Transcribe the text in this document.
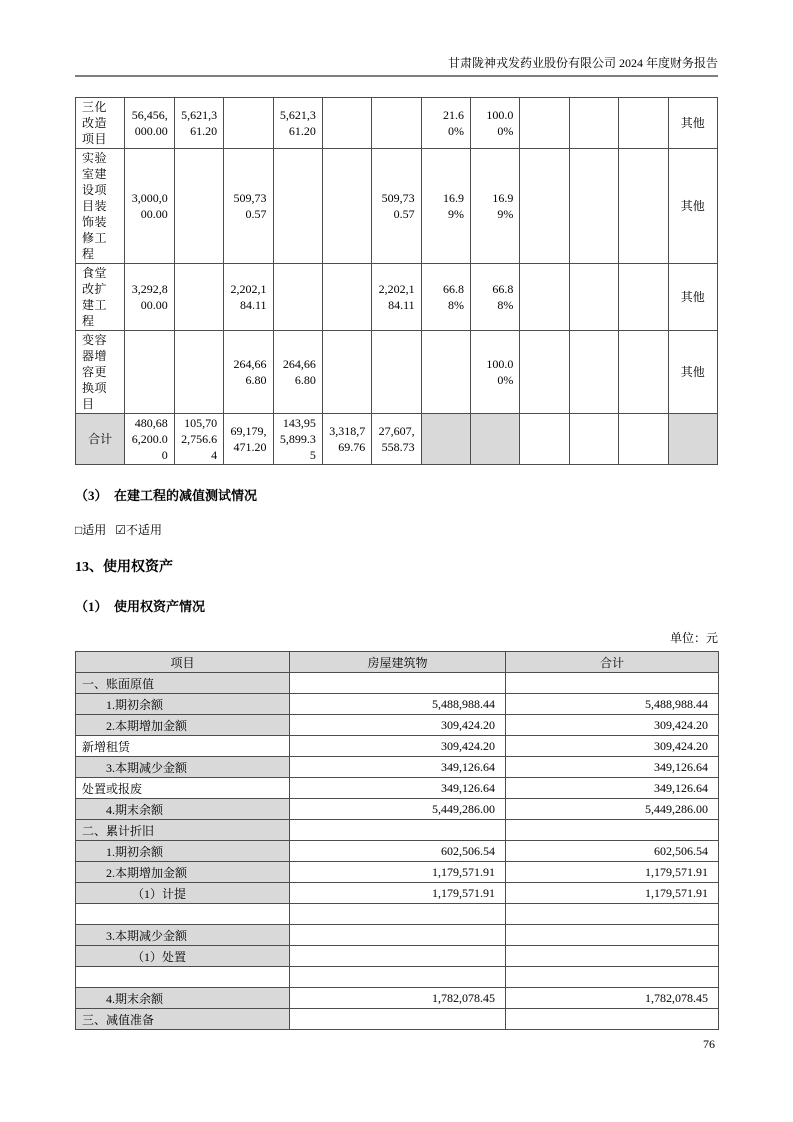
甘肃陇神戎发药业股份有限公司 2024 年度财务报告
三化改造项目	56,456,000.00	5,621,361.20		5,621,361.20			21.60%	100.00%				其他
实验室建设项目装饰装修工程	3,000,000.00		509,730.57			509,730.57	16.99%	16.99%				其他
食堂改扩建工程	3,292,800.00		2,202,184.11			2,202,184.11	66.88%	66.88%				其他
变容器增容更换项目			264,666.80	264,666.80				100.00%				其他
合计	480,686,200.00	105,702,756.64	69,179,471.20	143,955,899.35	3,318,769.76	27,607,558.73						
（3）  在建工程的减值测试情况

□适用 ☑不适用

13、使用权资产
（1）  使用权资产情况
单位：元
项目	房屋建筑物	合计
一、账面原值		
1.期初余额	5,488,988.44	5,488,988.44
2.本期增加金额	309,424.20	309,424.20
新增租赁	309,424.20	309,424.20
3.本期减少金额	349,126.64	349,126.64
处置或报废	349,126.64	349,126.64
4.期末余额	5,449,286.00	5,449,286.00
二、累计折旧		
1.期初余额	602,506.54	602,506.54
2.本期增加金额	1,179,571.91	1,179,571.91
（1）计提	1,179,571.91	1,179,571.91

3.本期减少金额		
（1）处置		

4.期末余额	1,782,078.45	1,782,078.45
三、减值准备		
76
